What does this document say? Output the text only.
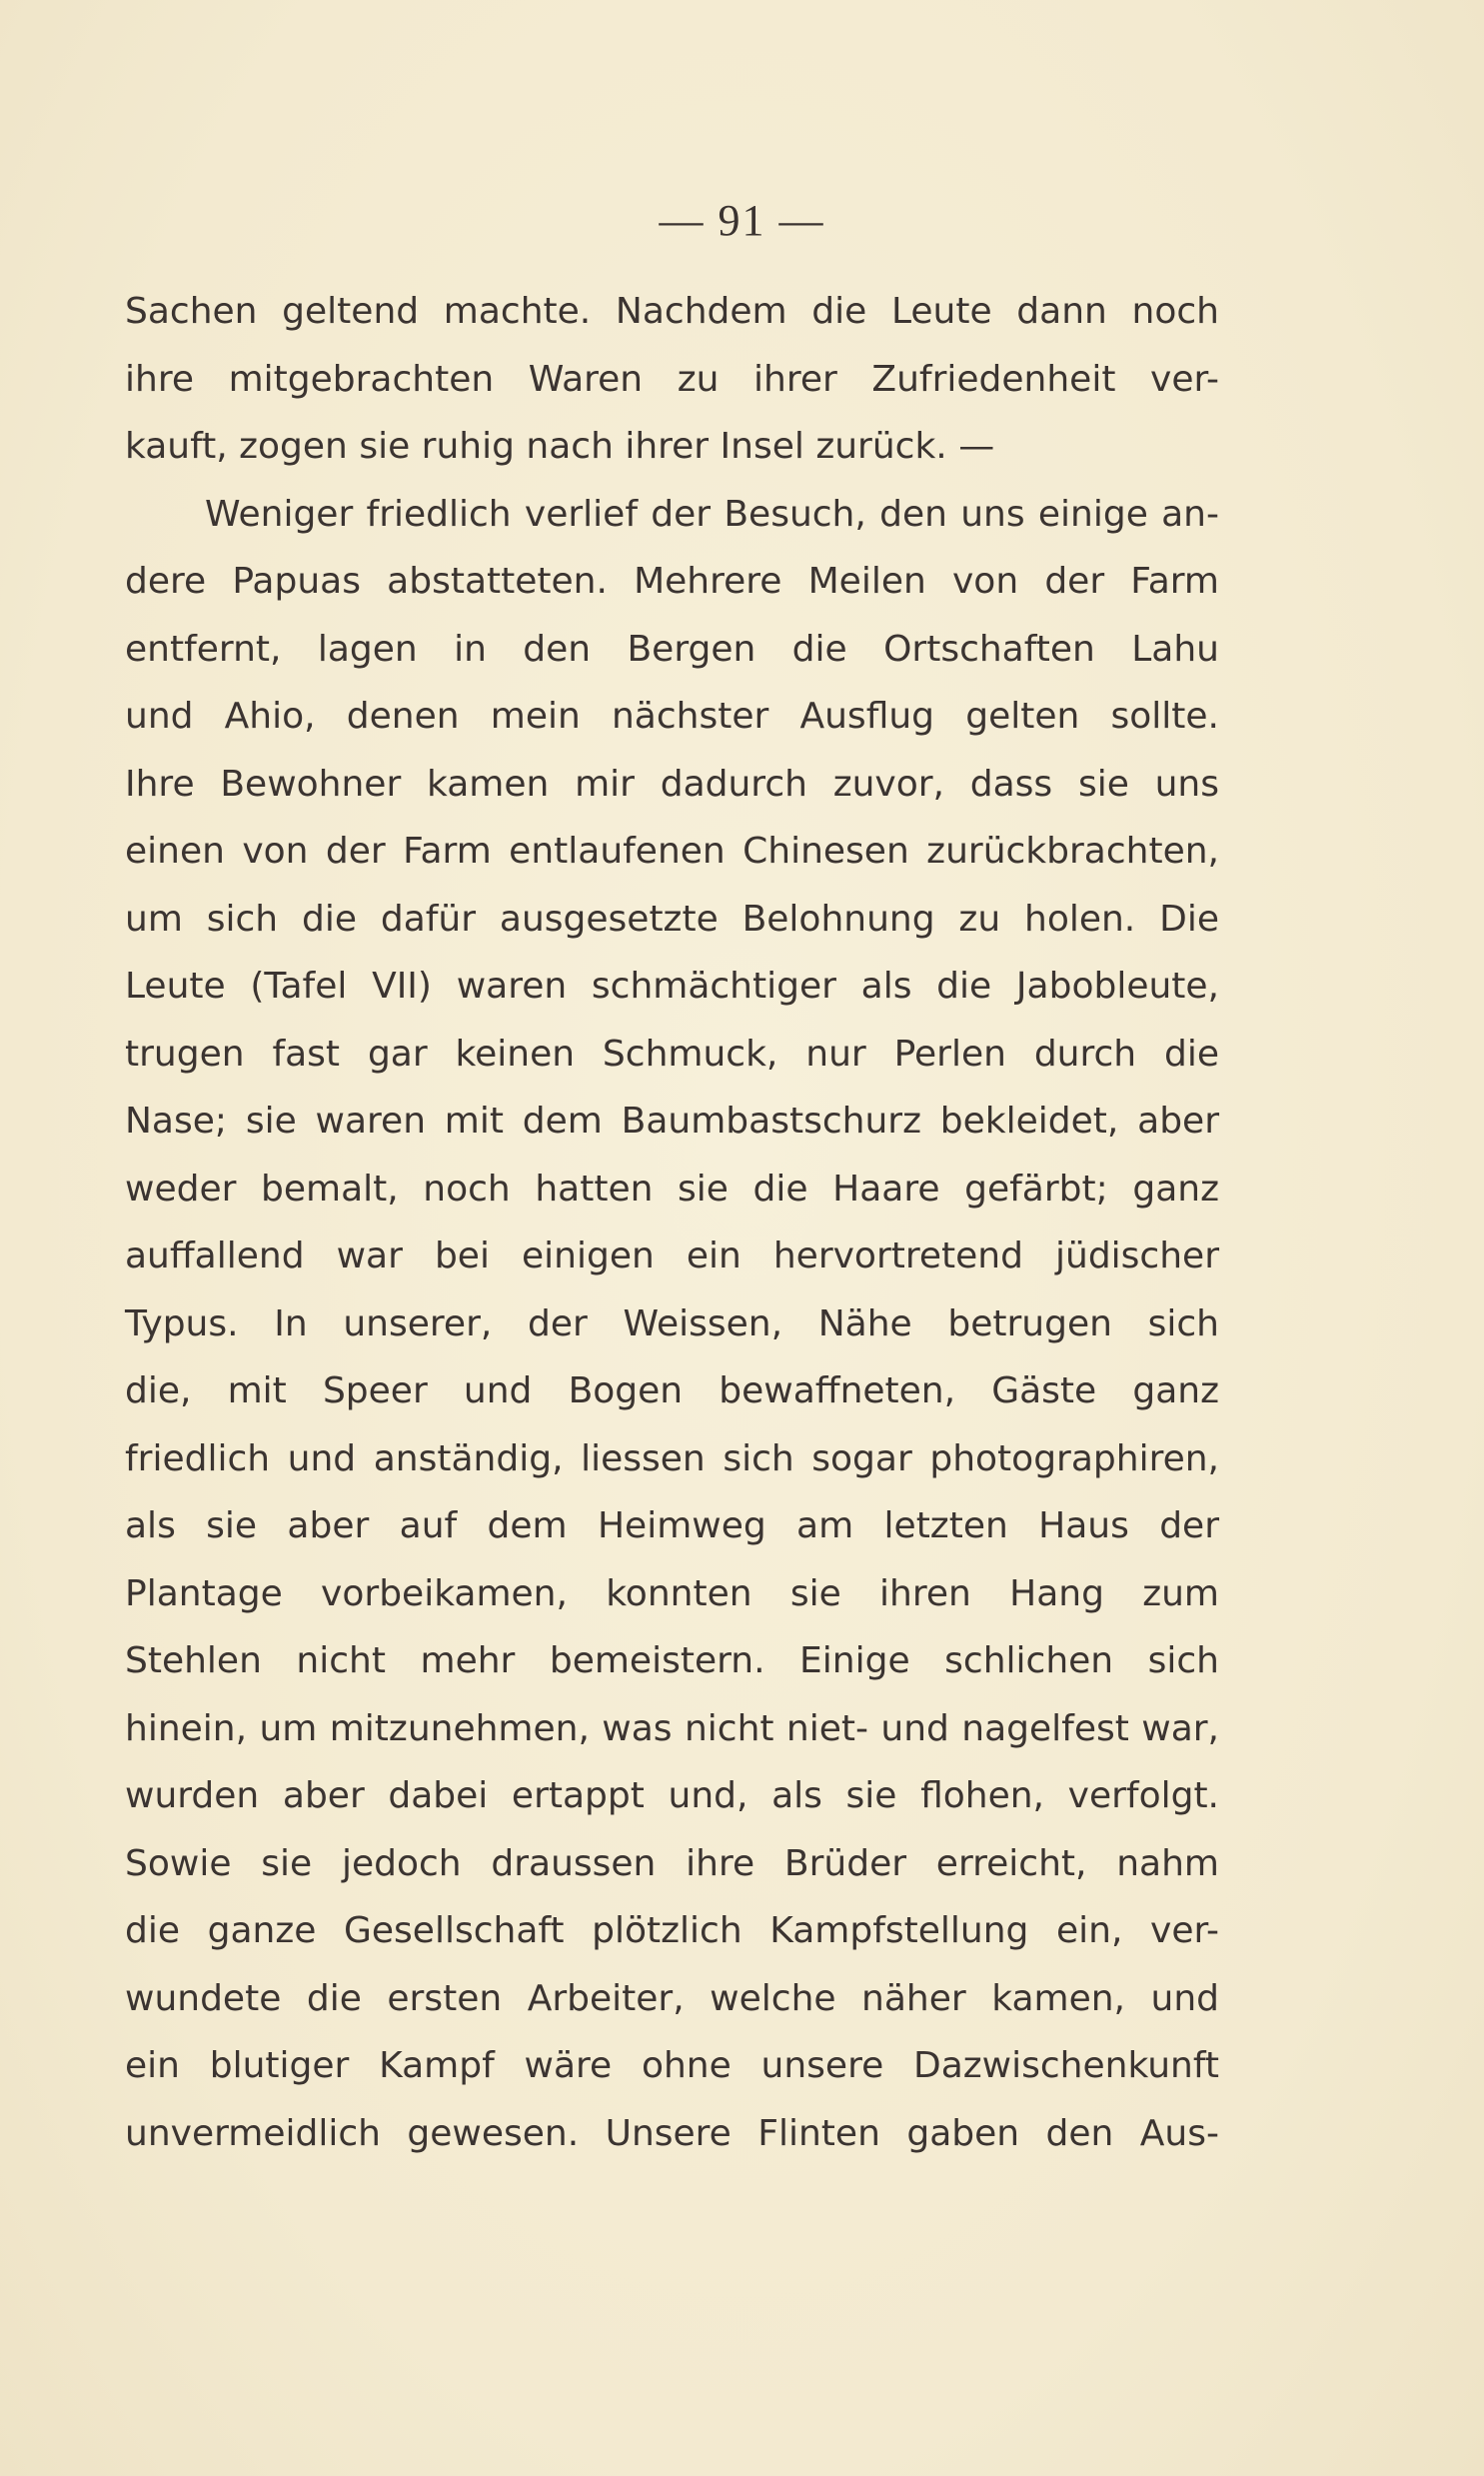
— 91 —
Sachen geltend machte. Nachdem die Leute dann noch
ihre mitgebrachten Waren zu ihrer Zufriedenheit ver-
kauft, zogen sie ruhig nach ihrer Insel zurück. —
Weniger friedlich verlief der Besuch, den uns einige an-
dere Papuas abstatteten. Mehrere Meilen von der Farm
entfernt, lagen in den Bergen die Ortschaften Lahu
und Ahio, denen mein nächster Ausflug gelten sollte.
Ihre Bewohner kamen mir dadurch zuvor, dass sie uns
einen von der Farm entlaufenen Chinesen zurückbrachten,
um sich die dafür ausgesetzte Belohnung zu holen. Die
Leute (Tafel VII) waren schmächtiger als die Jabobleute,
trugen fast gar keinen Schmuck, nur Perlen durch die
Nase; sie waren mit dem Baumbastschurz bekleidet, aber
weder bemalt, noch hatten sie die Haare gefärbt; ganz
auffallend war bei einigen ein hervortretend jüdischer
Typus. In unserer, der Weissen, Nähe betrugen sich
die, mit Speer und Bogen bewaffneten, Gäste ganz
friedlich und anständig, liessen sich sogar photographiren,
als sie aber auf dem Heimweg am letzten Haus der
Plantage vorbeikamen, konnten sie ihren Hang zum
Stehlen nicht mehr bemeistern. Einige schlichen sich
hinein, um mitzunehmen, was nicht niet- und nagelfest war,
wurden aber dabei ertappt und, als sie flohen, verfolgt.
Sowie sie jedoch draussen ihre Brüder erreicht, nahm
die ganze Gesellschaft plötzlich Kampfstellung ein, ver-
wundete die ersten Arbeiter, welche näher kamen, und
ein blutiger Kampf wäre ohne unsere Dazwischenkunft
unvermeidlich gewesen. Unsere Flinten gaben den Aus-
